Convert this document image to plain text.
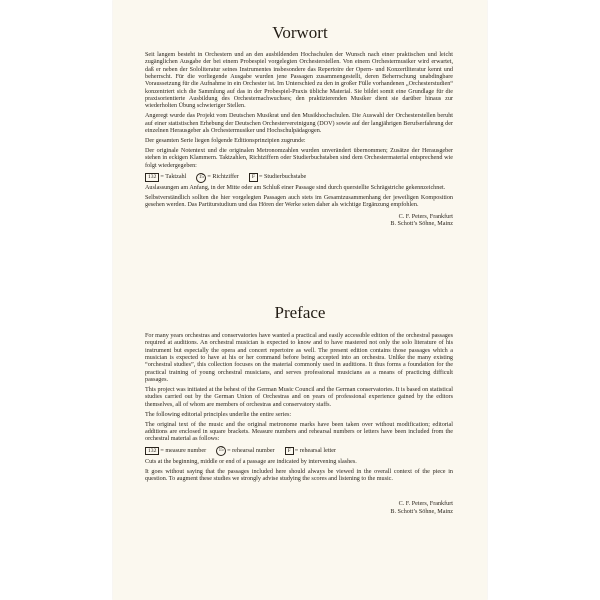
Vorwort

Seit langem besteht in Orchestern und an den ausbildenden Hochschulen der Wunsch nach einer praktischen und leicht zugänglichen Ausgabe der bei einem Probespiel vorgelegten Orchesterstellen. Von einem Orchestermusiker wird erwartet, daß er neben der Sololiteratur seines Instrumentes insbesondere das Repertoire der Opern- und Konzertliteratur kennt und beherrscht. Für die vorliegende Ausgabe wurden jene Passagen zusammengestellt, deren Beherrschung unabdingbare Voraussetzung für die Aufnahme in ein Orchester ist. Im Unterschied zu den in großer Fülle vorhandenen „Orchesterstudien“ konzentriert sich die Sammlung auf das in der Probespiel-Praxis übliche Material. Sie bildet somit eine Grundlage für die praxisorientierte Ausbildung des Orchesternachwuchses; den praktizierenden Musiker dient sie darüber hinaus zur wiederholten Übung schwieriger Stellen.

Angeregt wurde das Projekt vom Deutschen Musikrat und den Musikhochschulen. Die Auswahl der Orchesterstellen beruht auf einer statistischen Erhebung der Deutschen Orchestervereinigung (DOV) sowie auf der langjährigen Berufserfahrung der einzelnen Herausgeber als Orchestermusiker und Hochschulpädagogen.

Der gesamten Serie liegen folgende Editionsprinzipien zugrunde:

Der originale Notentext und die originalen Metronomzahlen wurden unverändert übernommen; Zusätze der Herausgeber stehen in eckigen Klammern. Taktzahlen, Richtziffern oder Studierbuchstaben sind dem Orchestermaterial entsprechend wie folgt wiedergegeben:

132 = Taktzahl	15 = Richtziffer	F = Studierbuchstabe

Auslassungen am Anfang, in der Mitte oder am Schluß einer Passage sind durch querstellte Schrägstriche gekennzeichnet.

Selbstverständlich sollten die hier vorgelegten Passagen auch stets im Gesamtzusammenhang der jeweiligen Komposition gesehen werden. Das Partiturstudium und das Hören der Werke seien daher als wichtige Ergänzung empfohlen.

C. F. Peters, Frankfurt
B. Schott’s Söhne, Mainz
Preface

For many years orchestras and conservatories have wanted a practical and easily accessible edition of the orchestral passages required at auditions. An orchestral musician is expected to know and to have mastered not only the solo literature of his instrument but especially the opera and concert repertoire as well. The present edition contains those passages which a musician is expected to have at his or her command before being accepted into an orchestra. Unlike the many existing “orchestral studies”, this collection focuses on the material commonly used in auditions. It thus forms a foundation for the practical training of young orchestral musicians, and serves professional musicians as a means of practicing difficult passages.

This project was initiated at the behest of the German Music Council and the German conservatories. It is based on statistical studies carried out by the German Union of Orchestras and on years of professional experience gained by the editors themselves, all of whom are members of orchestras and conservatory staffs.

The following editorial principles underlie the entire series:

The original text of the music and the original metronome marks have been taken over without modification; editorial additions are enclosed in square brackets. Measure numbers and rehearsal numbers or letters have been included from the orchestral material as follows:

132 = measure number	15 = rehearsal number	F = rehearsal letter

Cuts at the beginning, middle or end of a passage are indicated by intervening slashes.

It goes without saying that the passages included here should always be viewed in the overall context of the piece in question. To augment these studies we strongly advise studying the scores and listening to the music.

C. F. Peters, Frankfurt
B. Schott’s Söhne, Mainz
